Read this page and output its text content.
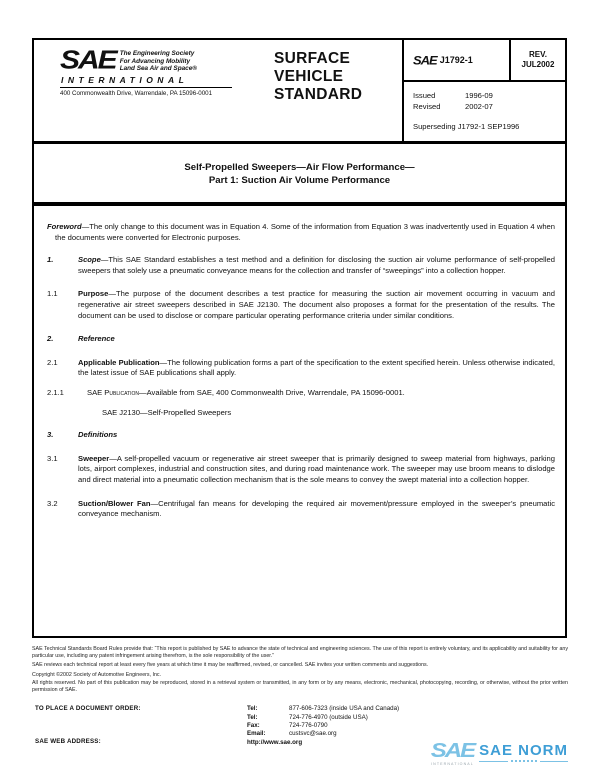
SAE The Engineering Society
For Advancing Mobility
Land Sea Air and Space®
INTERNATIONAL
400 Commonwealth Drive, Warrendale, PA 15096-0001
SURFACE
VEHICLE
STANDARD
SAE J1792-1
REV.
JUL2002
Issued	1996-09
Revised	2002-07
Superseding J1792-1 SEP1996
Self-Propelled Sweepers—Air Flow Performance—
Part 1: Suction Air Volume Performance
Foreword—The only change to this document was in Equation 4. Some of the information from Equation 3 was inadvertently used in Equation 4 when the documents were converted for Electronic purposes.
1.	Scope—This SAE Standard establishes a test method and a definition for disclosing the suction air volume performance of self-propelled sweepers that solely use a pneumatic conveyance means for the collection and transfer of “sweepings” into a collection hopper.
1.1	Purpose—The purpose of the document describes a test practice for measuring the suction air movement occurring in vacuum and regenerative air street sweepers described in SAE J2130. The document also proposes a format for the presentation of the results. The document can be used to disclose or compare particular operating performance criteria under similar conditions.
2.	Reference
2.1	Applicable Publication—The following publication forms a part of the specification to the extent specified herein. Unless otherwise indicated, the latest issue of SAE publications shall apply.
2.1.1	SAE Publication—Available from SAE, 400 Commonwealth Drive, Warrendale, PA 15096-0001.
SAE J2130—Self-Propelled Sweepers
3.	Definitions
3.1	Sweeper—A self-propelled vacuum or regenerative air street sweeper that is primarily designed to sweep material from highways, parking lots, airport complexes, industrial and construction sites, and during road maintenance work. The sweeper may use broom means to dislodge and direct material into a pneumatic collection mechanism that is the sole means to convey the swept material into a collection hopper.
3.2	Suction/Blower Fan—Centrifugal fan means for developing the required air movement/pressure employed in the sweeper’s pneumatic conveyance mechanism.

SAE Technical Standards Board Rules provide that: “This report is published by SAE to advance the state of technical and engineering sciences. The use of this report is entirely voluntary, and its applicability and suitability for any particular use, including any patent infringement arising therefrom, is the sole responsibility of the user.”

SAE reviews each technical report at least every five years at which time it may be reaffirmed, revised, or cancelled. SAE invites your written comments and suggestions.

Copyright ©2002 Society of Automotive Engineers, Inc.

All rights reserved. No part of this publication may be reproduced, stored in a retrieval system or transmitted, in any form or by any means, electronic, mechanical, photocopying, recording, or otherwise, without the prior written permission of SAE.

TO PLACE A DOCUMENT ORDER:
SAE WEB ADDRESS:
Tel:	877-606-7323 (inside USA and Canada)
Tel:	724-776-4970 (outside USA)
Fax:	724-776-0790
Email:	custsvc@sae.org
http://www.sae.org	SAE
INTERNATIONAL
SAE NORM
